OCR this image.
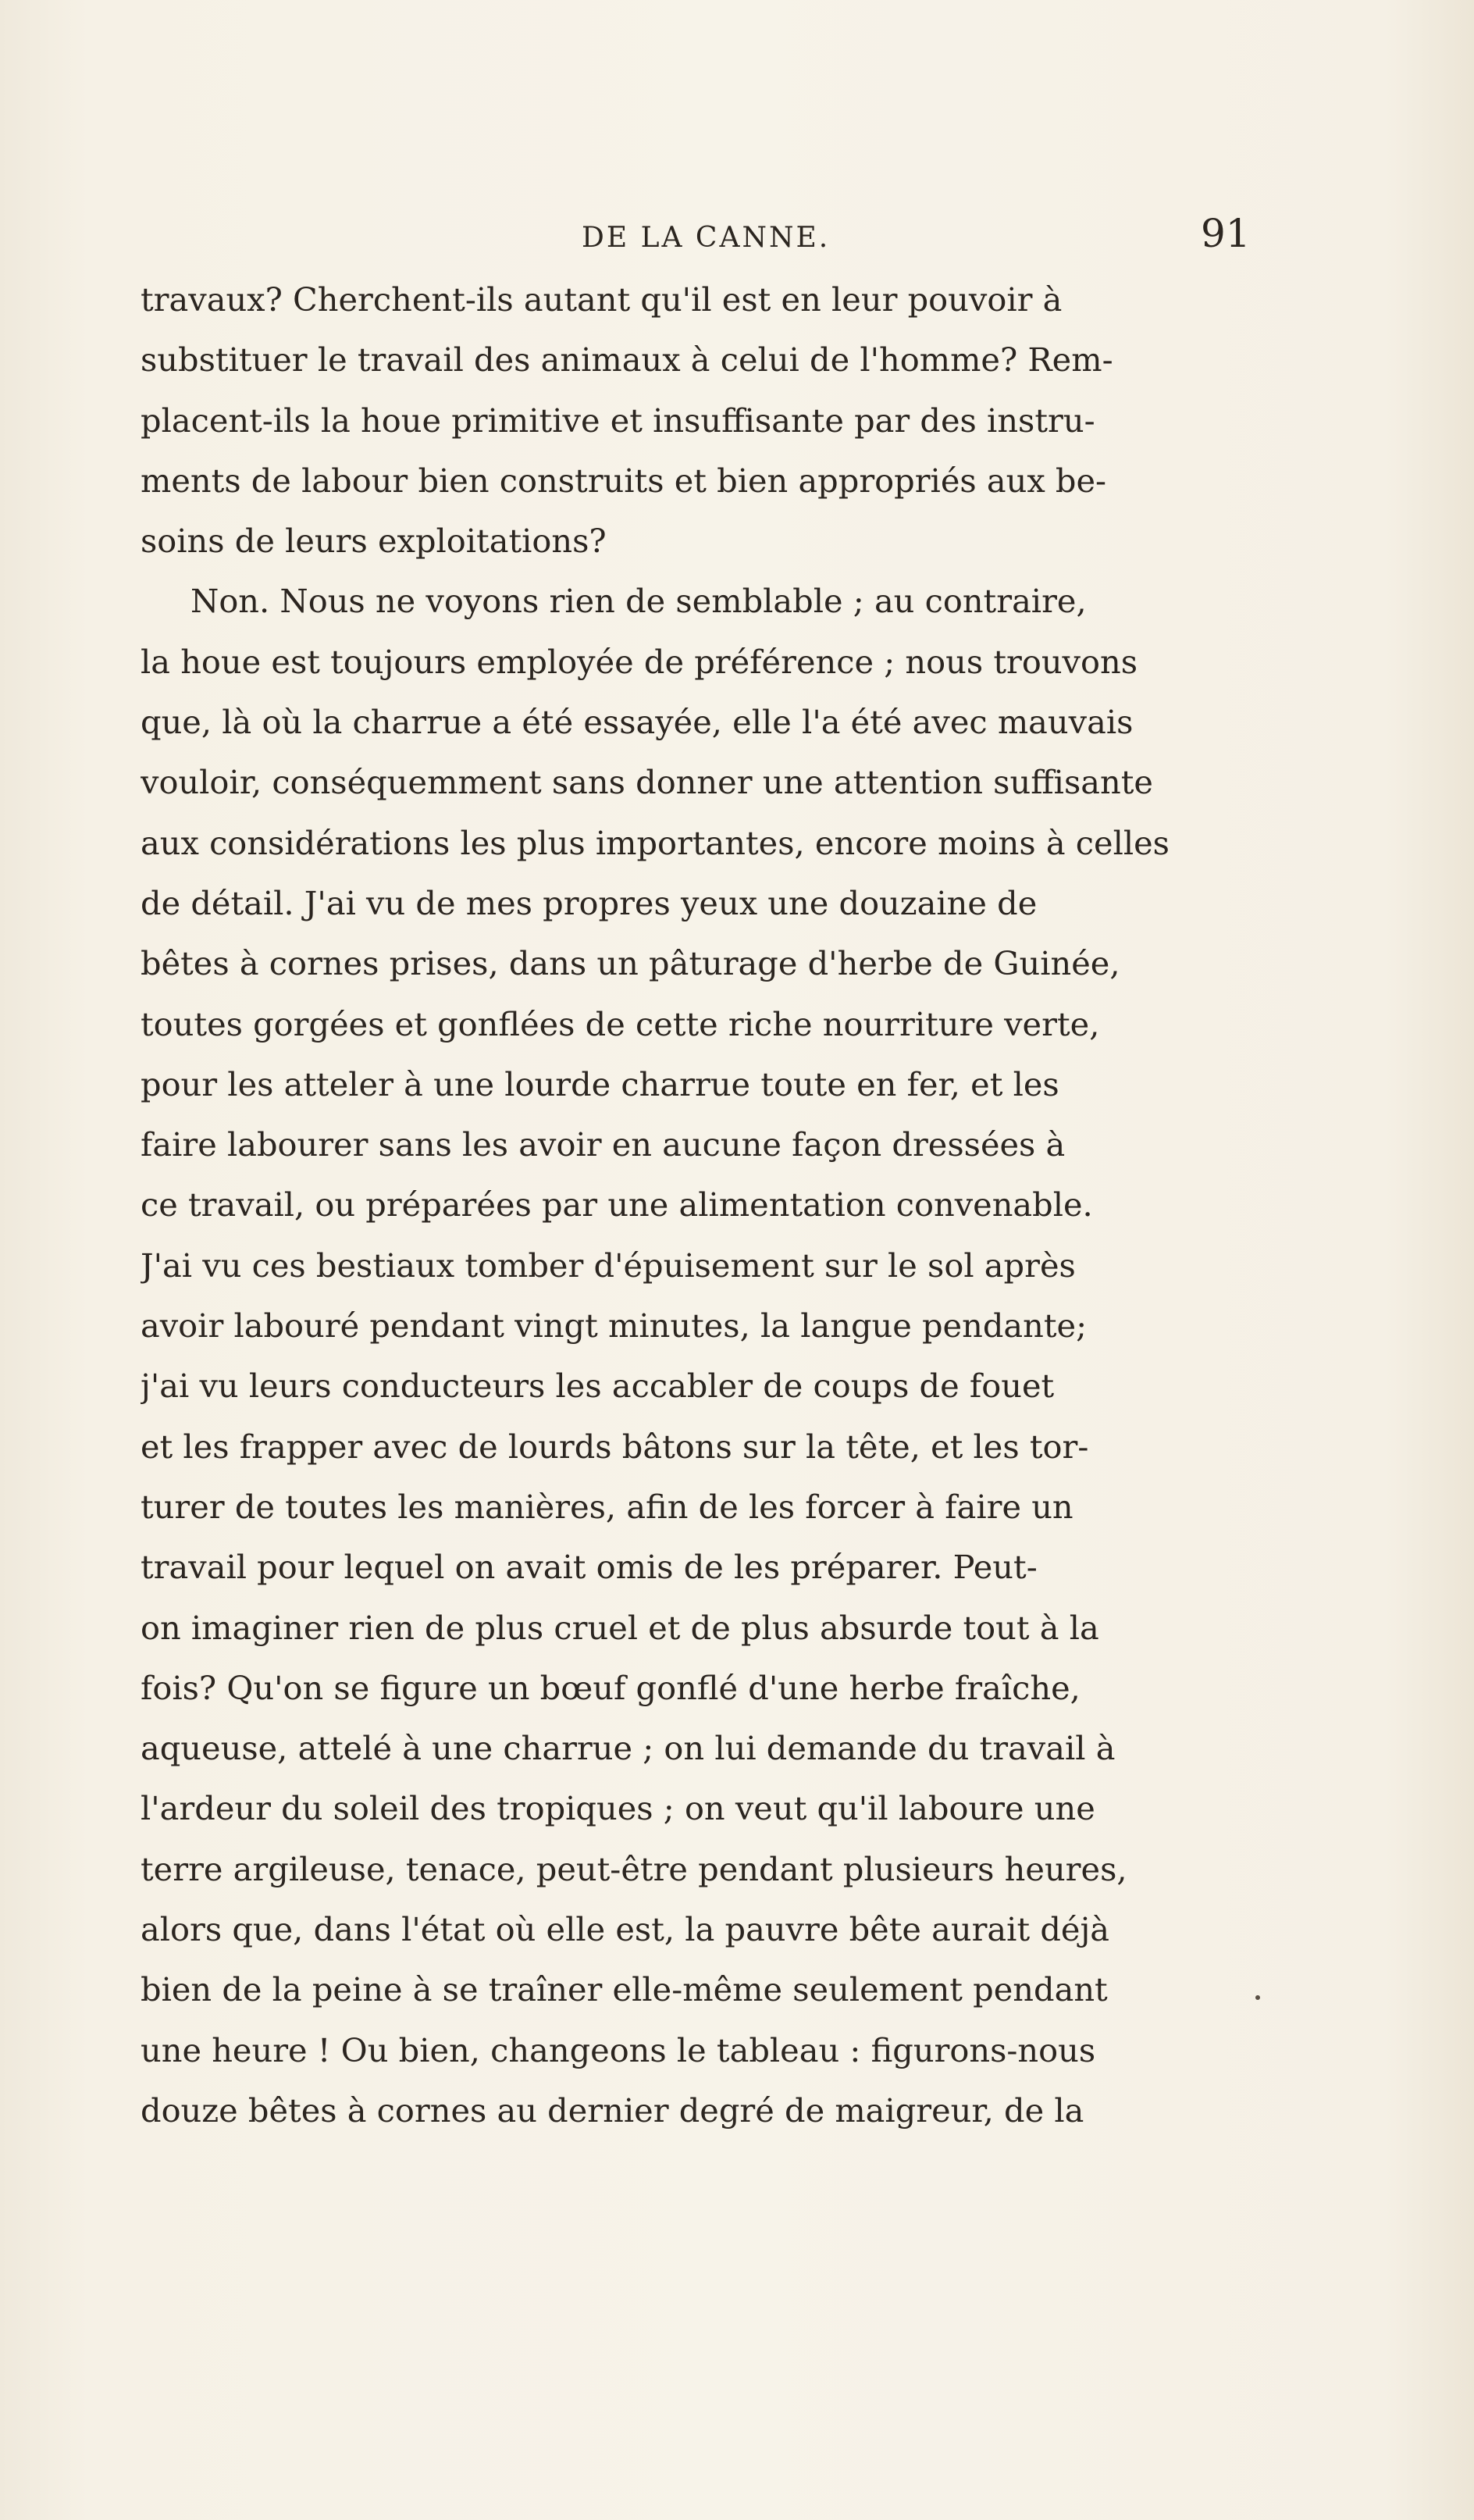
DE LA CANNE.	91
travaux? Cherchent-ils autant qu'il est en leur pouvoir à
substituer le travail des animaux à celui de l'homme? Rem-
placent-ils la houe primitive et insuffisante par des instru-
ments de labour bien construits et bien appropriés aux be-
soins de leurs exploitations?
Non. Nous ne voyons rien de semblable ; au contraire,
la houe est toujours employée de préférence ; nous trouvons
que, là où la charrue a été essayée, elle l'a été avec mauvais
vouloir, conséquemment sans donner une attention suffisante
aux considérations les plus importantes, encore moins à celles
de détail. J'ai vu de mes propres yeux une douzaine de
bêtes à cornes prises, dans un pâturage d'herbe de Guinée,
toutes gorgées et gonflées de cette riche nourriture verte,
pour les atteler à une lourde charrue toute en fer, et les
faire labourer sans les avoir en aucune façon dressées à
ce travail, ou préparées par une alimentation convenable.
J'ai vu ces bestiaux tomber d'épuisement sur le sol après
avoir labouré pendant vingt minutes, la langue pendante;
j'ai vu leurs conducteurs les accabler de coups de fouet
et les frapper avec de lourds bâtons sur la tête, et les tor-
turer de toutes les manières, afin de les forcer à faire un
travail pour lequel on avait omis de les préparer. Peut-
on imaginer rien de plus cruel et de plus absurde tout à la
fois? Qu'on se figure un bœuf gonflé d'une herbe fraîche,
aqueuse, attelé à une charrue ; on lui demande du travail à
l'ardeur du soleil des tropiques ; on veut qu'il laboure une
terre argileuse, tenace, peut-être pendant plusieurs heures,
alors que, dans l'état où elle est, la pauvre bête aurait déjà
bien de la peine à se traîner elle-même seulement pendant
une heure ! Ou bien, changeons le tableau : figurons-nous
douze bêtes à cornes au dernier degré de maigreur, de la
